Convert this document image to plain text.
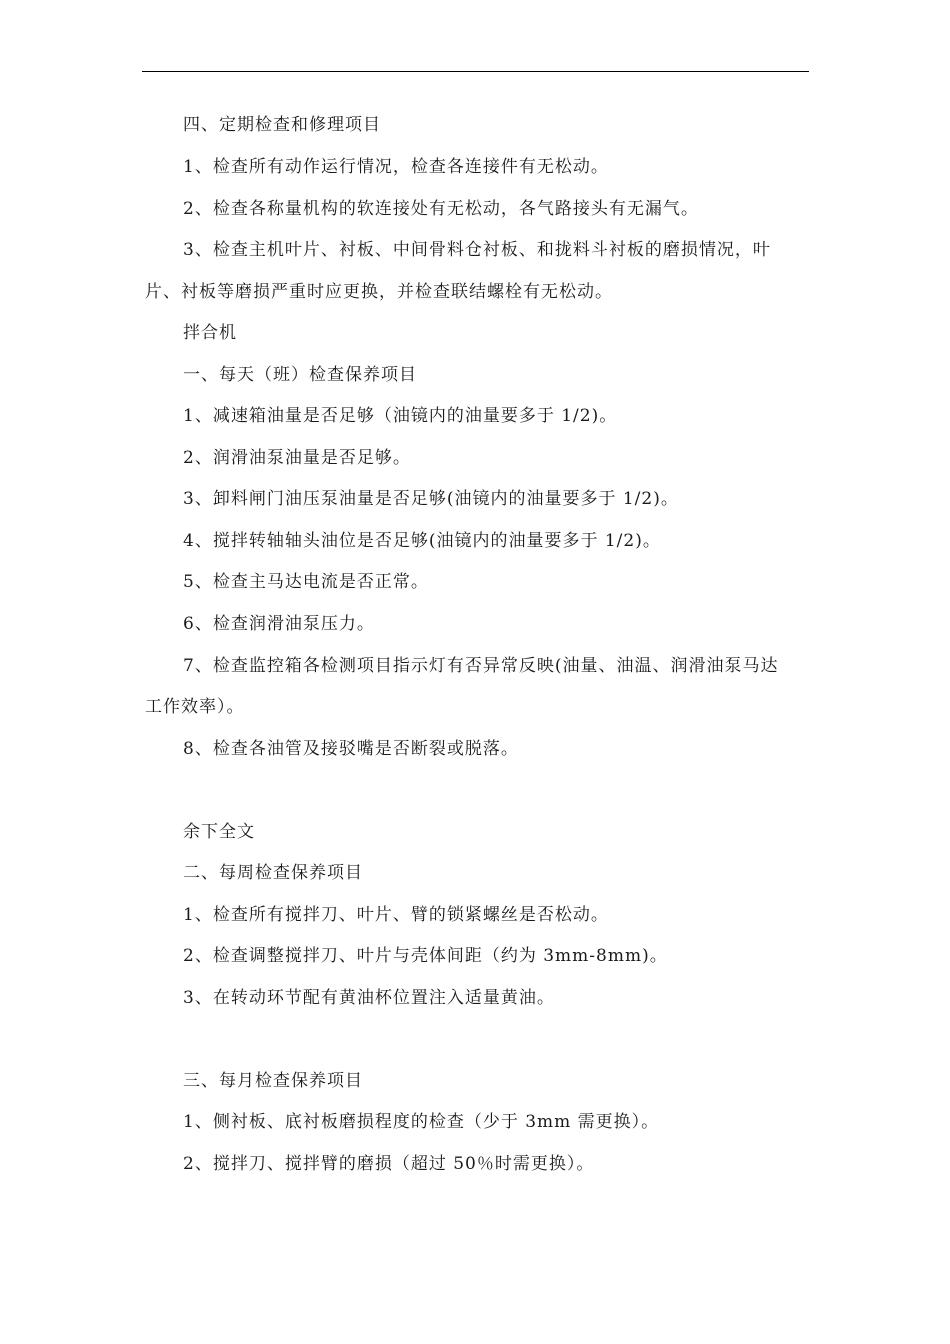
四、定期检查和修理项目
1、检查所有动作运行情况，检查各连接件有无松动。
2、检查各称量机构的软连接处有无松动，各气路接头有无漏气。
3、检查主机叶片、衬板、中间骨料仓衬板、和拢料斗衬板的磨损情况，叶
片、衬板等磨损严重时应更换，并检查联结螺栓有无松动。
拌合机
一、每天（班）检查保养项目
1、减速箱油量是否足够（油镜内的油量要多于 1/2)。
2、润滑油泵油量是否足够。
3、卸料闸门油压泵油量是否足够(油镜内的油量要多于 1/2)。
4、搅拌转轴轴头油位是否足够(油镜内的油量要多于 1/2)。
5、检查主马达电流是否正常。
6、检查润滑油泵压力。
7、检查监控箱各检测项目指示灯有否异常反映(油量、油温、润滑油泵马达
工作效率）。
8、检查各油管及接驳嘴是否断裂或脱落。
余下全文
二、每周检查保养项目
1、检查所有搅拌刀、叶片、臂的锁紧螺丝是否松动。
2、检查调整搅拌刀、叶片与壳体间距（约为 3mm-8mm)。
3、在转动环节配有黄油杯位置注入适量黄油。
三、每月检查保养项目
1、侧衬板、底衬板磨损程度的检查（少于 3mm 需更换）。
2、搅拌刀、搅拌臂的磨损（超过 50％时需更换）。
